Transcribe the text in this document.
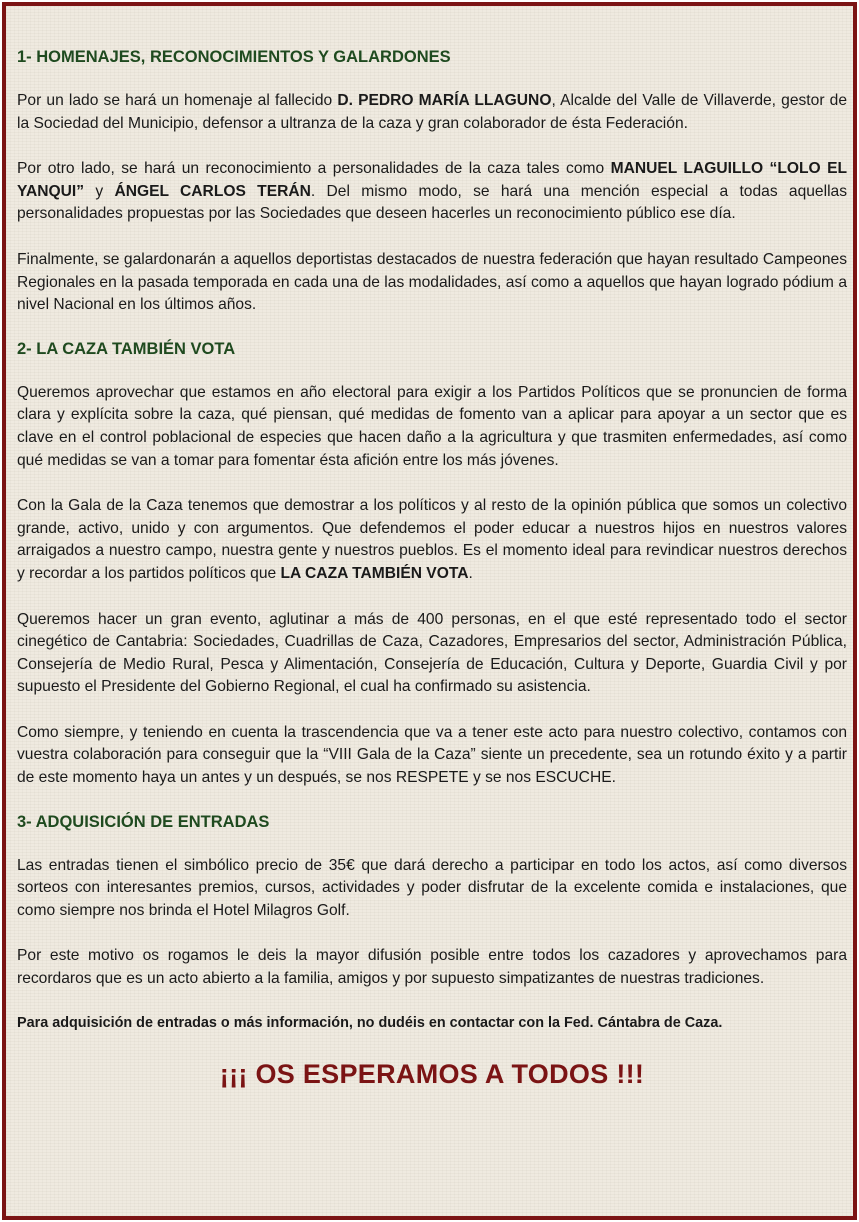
1- HOMENAJES, RECONOCIMIENTOS Y GALARDONES

Por un lado se hará un homenaje al fallecido D. PEDRO MARÍA LLAGUNO, Alcalde del Valle de Villaverde, gestor de la Sociedad del Municipio, defensor a ultranza de la caza y gran colaborador de ésta Federación.

Por otro lado, se hará un reconocimiento a personalidades de la caza tales como MANUEL LAGUILLO “LOLO EL YANQUI” y ÁNGEL CARLOS TERÁN. Del mismo modo, se hará una mención especial a todas aquellas personalidades propuestas por las Sociedades que deseen hacerles un reconocimiento público ese día.

Finalmente, se galardonarán a aquellos deportistas destacados de nuestra federación que hayan resultado Campeones Regionales en la pasada temporada en cada una de las modalidades, así como a aquellos que hayan logrado pódium a nivel Nacional en los últimos años.

2- LA CAZA TAMBIÉN VOTA

Queremos aprovechar que estamos en año electoral para exigir a los Partidos Políticos que se pronuncien de forma clara y explícita sobre la caza, qué piensan, qué medidas de fomento van a aplicar para apoyar a un sector que es clave en el control poblacional de especies que hacen daño a la agricultura y que trasmiten enfermedades, así como qué medidas se van a tomar para fomentar ésta afición entre los más jóvenes.

Con la Gala de la Caza tenemos que demostrar a los políticos y al resto de la opinión pública que somos un colectivo grande, activo, unido y con argumentos. Que defendemos el poder educar a nuestros hijos en nuestros valores arraigados a nuestro campo, nuestra gente y nuestros pueblos. Es el momento ideal para revindicar nuestros derechos y recordar a los partidos políticos que LA CAZA TAMBIÉN VOTA.

Queremos hacer un gran evento, aglutinar a más de 400 personas, en el que esté representado todo el sector cinegético de Cantabria: Sociedades, Cuadrillas de Caza, Cazadores, Empresarios del sector, Administración Pública, Consejería de Medio Rural, Pesca y Alimentación, Consejería de Educación, Cultura y Deporte, Guardia Civil y por supuesto el Presidente del Gobierno Regional, el cual ha confirmado su asistencia.

Como siempre, y teniendo en cuenta la trascendencia que va a tener este acto para nuestro colectivo, contamos con vuestra colaboración para conseguir que la “VIII Gala de la Caza” siente un precedente, sea un rotundo éxito y a partir de este momento haya un antes y un después, se nos RESPETE y se nos ESCUCHE.

3- ADQUISICIÓN DE ENTRADAS

Las entradas tienen el simbólico precio de 35€ que dará derecho a participar en todo los actos, así como diversos sorteos con interesantes premios, cursos, actividades y poder disfrutar de la excelente comida e instalaciones, que como siempre nos brinda el Hotel Milagros Golf.

Por este motivo os rogamos le deis la mayor difusión posible entre todos los cazadores y aprovechamos para recordaros que es un acto abierto a la familia, amigos y por supuesto simpatizantes de nuestras tradiciones.

Para adquisición de entradas o más información, no dudéis en contactar con la Fed. Cántabra de Caza.

¡¡¡ OS ESPERAMOS A TODOS !!!
